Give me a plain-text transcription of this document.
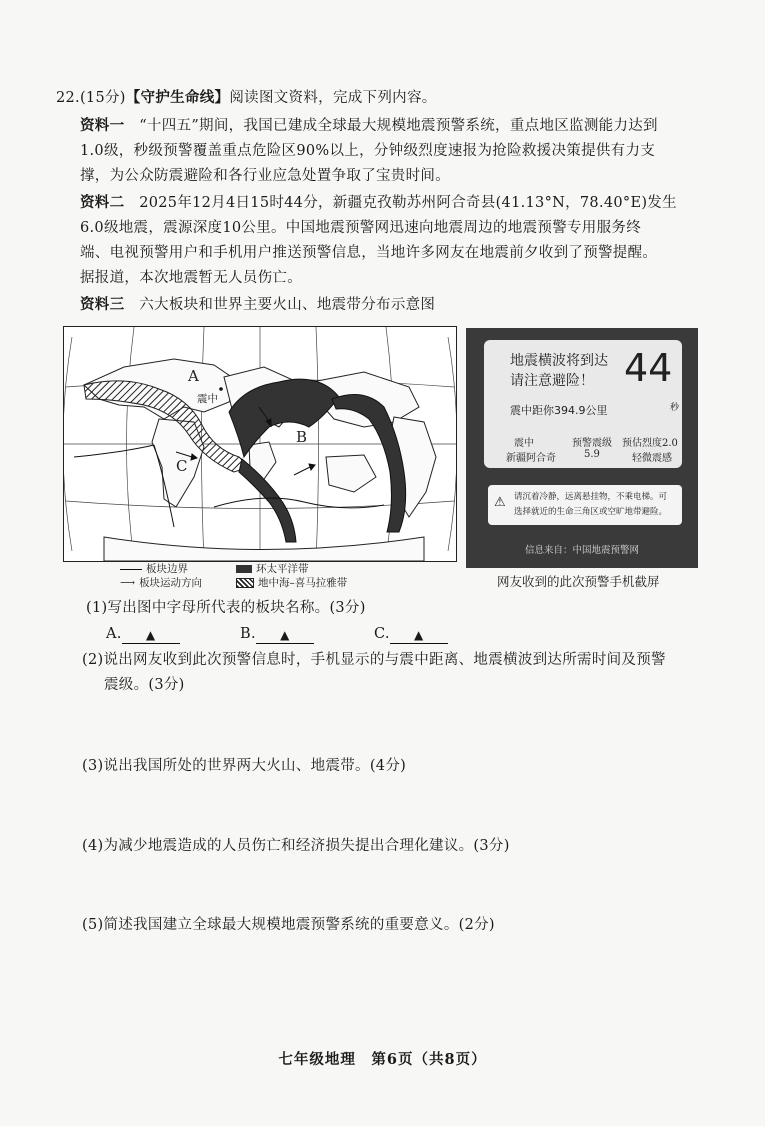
22.(15分)【守护生命线】阅读图文资料，完成下列内容。
资料一　 “十四五”期间，我国已建成全球最大规模地震预警系统，重点地区监测能力达到
1.0级，秒级预警覆盖重点危险区90%以上，分钟级烈度速报为抢险救援决策提供有力支
撑，为公众防震避险和各行业应急处置争取了宝贵时间。
资料二　 2025年12月4日15时44分，新疆克孜勒苏州阿合奇县(41.13°N，78.40°E)发生
6.0级地震，震源深度10公里。中国地震预警网迅速向地震周边的地震预警专用服务终
端、电视预警用户和手机用户推送预警信息，当地许多网友在地震前夕收到了预警提醒。
据报道，本次地震暂无人员伤亡。
资料三　 六大板块和世界主要火山、地震带分布示意图
A
B
C
震中
板块边界
⟶ 板块运动方向
环太平洋带
地中海–喜马拉雅带
地震横波将到达
请注意避险！ 44
秒
震中距你394.9公里
震中	预警震级 预估烈度2.0
新疆阿合奇	5.9	轻微震感
⚠ 请沉着冷静，远离悬挂物，不乘电梯。可
选择就近的生命三角区或空旷地带避险。
信息来自：中国地震预警网
网友收到的此次预警手机截屏
(1)写出图中字母所代表的板块名称。(3分)
A. ▲	B. ▲	C. ▲
(2)说出网友收到此次预警信息时，手机显示的与震中距离、地震横波到达所需时间及预警
震级。(3分)
(3)说出我国所处的世界两大火山、地震带。(4分)
(4)为减少地震造成的人员伤亡和经济损失提出合理化建议。(3分)
(5)简述我国建立全球最大规模地震预警系统的重要意义。(2分)
七年级地理　第6页（共8页）
